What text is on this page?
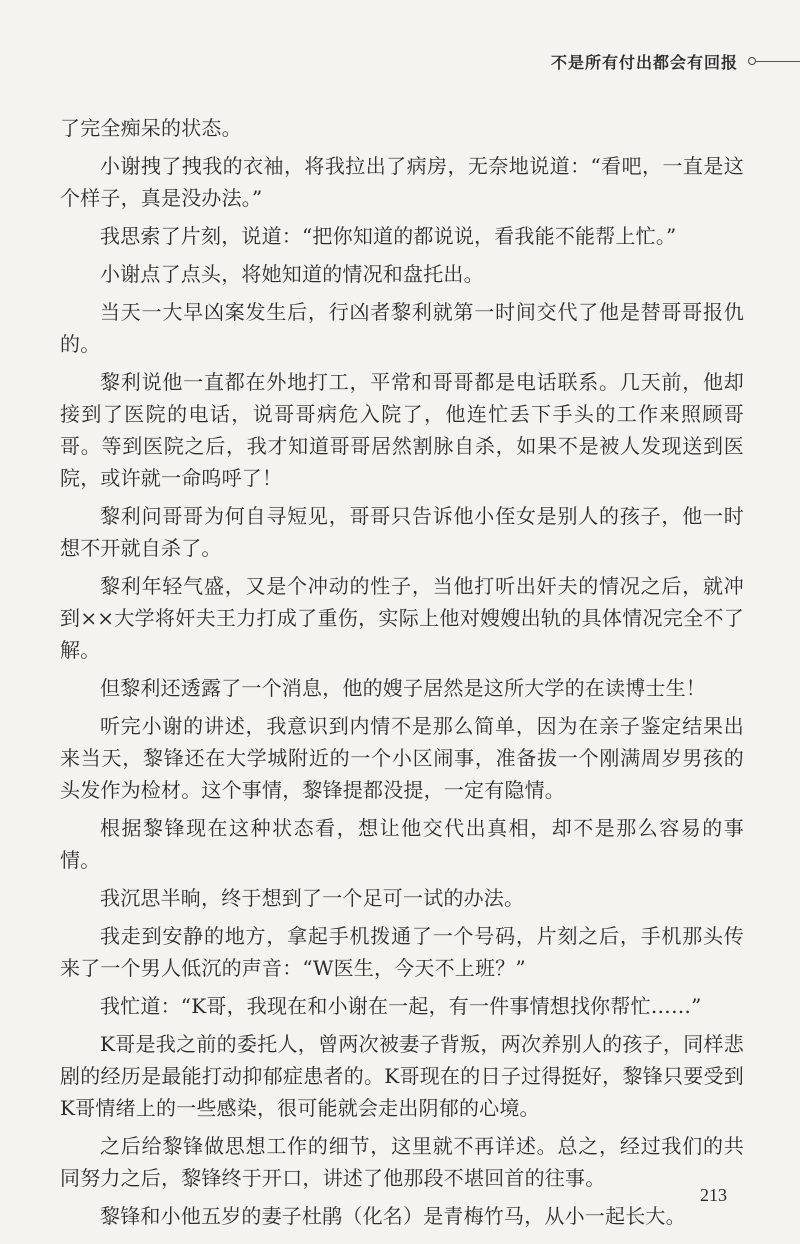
不是所有付出都会有回报

了完全痴呆的状态。

小谢拽了拽我的衣袖，将我拉出了病房，无奈地说道：“看吧，一直是这个样子，真是没办法。”

我思索了片刻，说道：“把你知道的都说说，看我能不能帮上忙。”

小谢点了点头，将她知道的情况和盘托出。

当天一大早凶案发生后，行凶者黎利就第一时间交代了他是替哥哥报仇的。

黎利说他一直都在外地打工，平常和哥哥都是电话联系。几天前，他却接到了医院的电话，说哥哥病危入院了，他连忙丢下手头的工作来照顾哥哥。等到医院之后，我才知道哥哥居然割脉自杀，如果不是被人发现送到医院，或许就一命呜呼了！

黎利问哥哥为何自寻短见，哥哥只告诉他小侄女是别人的孩子，他一时想不开就自杀了。

黎利年轻气盛，又是个冲动的性子，当他打听出奸夫的情况之后，就冲到××大学将奸夫王力打成了重伤，实际上他对嫂嫂出轨的具体情况完全不了解。

但黎利还透露了一个消息，他的嫂子居然是这所大学的在读博士生！

听完小谢的讲述，我意识到内情不是那么简单，因为在亲子鉴定结果出来当天，黎锋还在大学城附近的一个小区闹事，准备拔一个刚满周岁男孩的头发作为检材。这个事情，黎锋提都没提，一定有隐情。

根据黎锋现在这种状态看，想让他交代出真相，却不是那么容易的事情。

我沉思半晌，终于想到了一个足可一试的办法。

我走到安静的地方，拿起手机拨通了一个号码，片刻之后，手机那头传来了一个男人低沉的声音：“W医生，今天不上班？”

我忙道：“K哥，我现在和小谢在一起，有一件事情想找你帮忙……”

K哥是我之前的委托人，曾两次被妻子背叛，两次养别人的孩子，同样悲剧的经历是最能打动抑郁症患者的。K哥现在的日子过得挺好，黎锋只要受到K哥情绪上的一些感染，很可能就会走出阴郁的心境。

之后给黎锋做思想工作的细节，这里就不再详述。总之，经过我们的共同努力之后，黎锋终于开口，讲述了他那段不堪回首的往事。

黎锋和小他五岁的妻子杜鹃（化名）是青梅竹马，从小一起长大。

213
